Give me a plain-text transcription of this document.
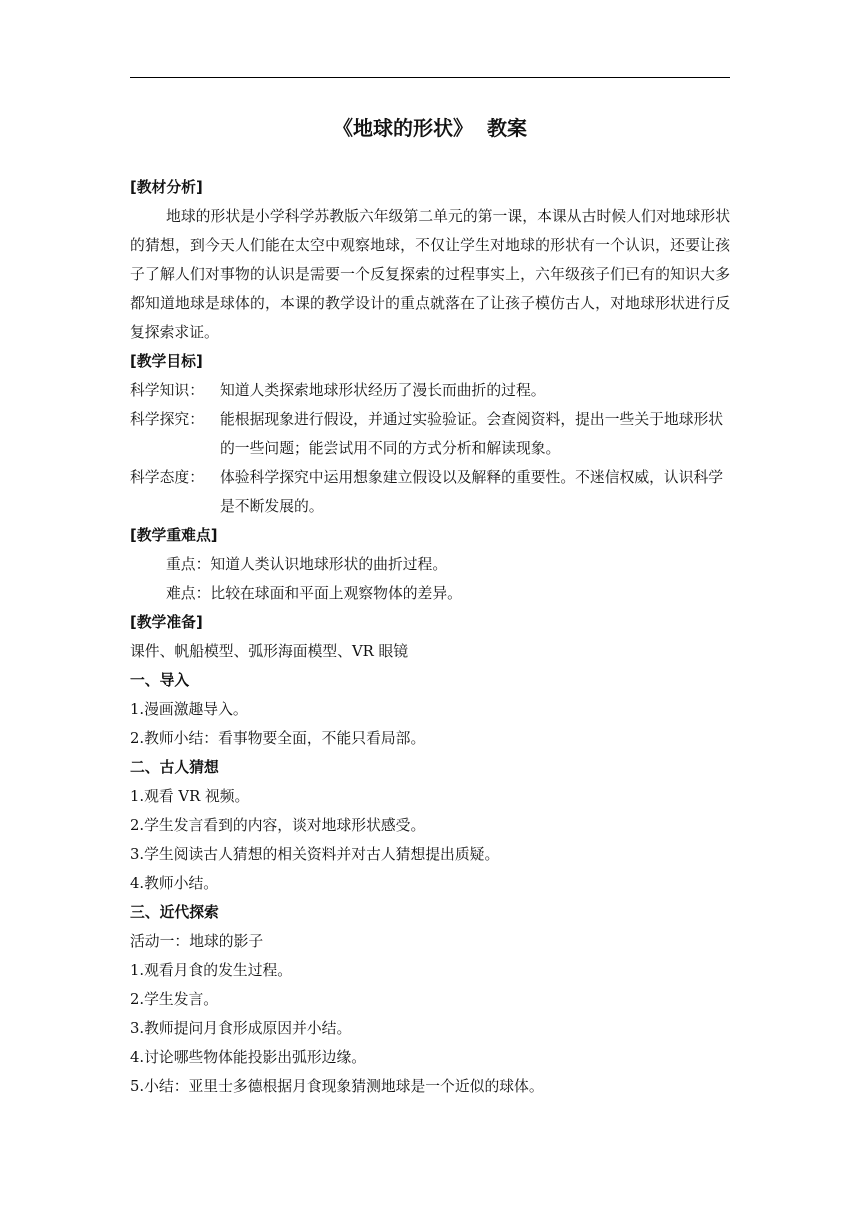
《地球的形状》  教案
[教材分析]

地球的形状是小学科学苏教版六年级第二单元的第一课，本课从古时候人们对地球形状的猜想，到今天人们能在太空中观察地球，不仅让学生对地球的形状有一个认识，还要让孩子了解人们对事物的认识是需要一个反复探索的过程事实上，六年级孩子们已有的知识大多都知道地球是球体的，本课的教学设计的重点就落在了让孩子模仿古人，对地球形状进行反复探索求证。

[教学目标]
科学知识：	知道人类探索地球形状经历了漫长而曲折的过程。
科学探究：	能根据现象进行假设，并通过实验验证。会查阅资料，提出一些关于地球形状的一些问题；能尝试用不同的方式分析和解读现象。
科学态度：	体验科学探究中运用想象建立假设以及解释的重要性。不迷信权威，认识科学是不断发展的。
[教学重难点]
重点：知道人类认识地球形状的曲折过程。
难点：比较在球面和平面上观察物体的差异。
[教学准备]
课件、帆船模型、弧形海面模型、VR 眼镜
一、导入
1.漫画激趣导入。
2.教师小结：看事物要全面，不能只看局部。
二、古人猜想
1.观看 VR 视频。
2.学生发言看到的内容，谈对地球形状感受。
3.学生阅读古人猜想的相关资料并对古人猜想提出质疑。
4.教师小结。
三、近代探索
活动一：地球的影子
1.观看月食的发生过程。
2.学生发言。
3.教师提问月食形成原因并小结。
4.讨论哪些物体能投影出弧形边缘。
5.小结：亚里士多德根据月食现象猜测地球是一个近似的球体。
